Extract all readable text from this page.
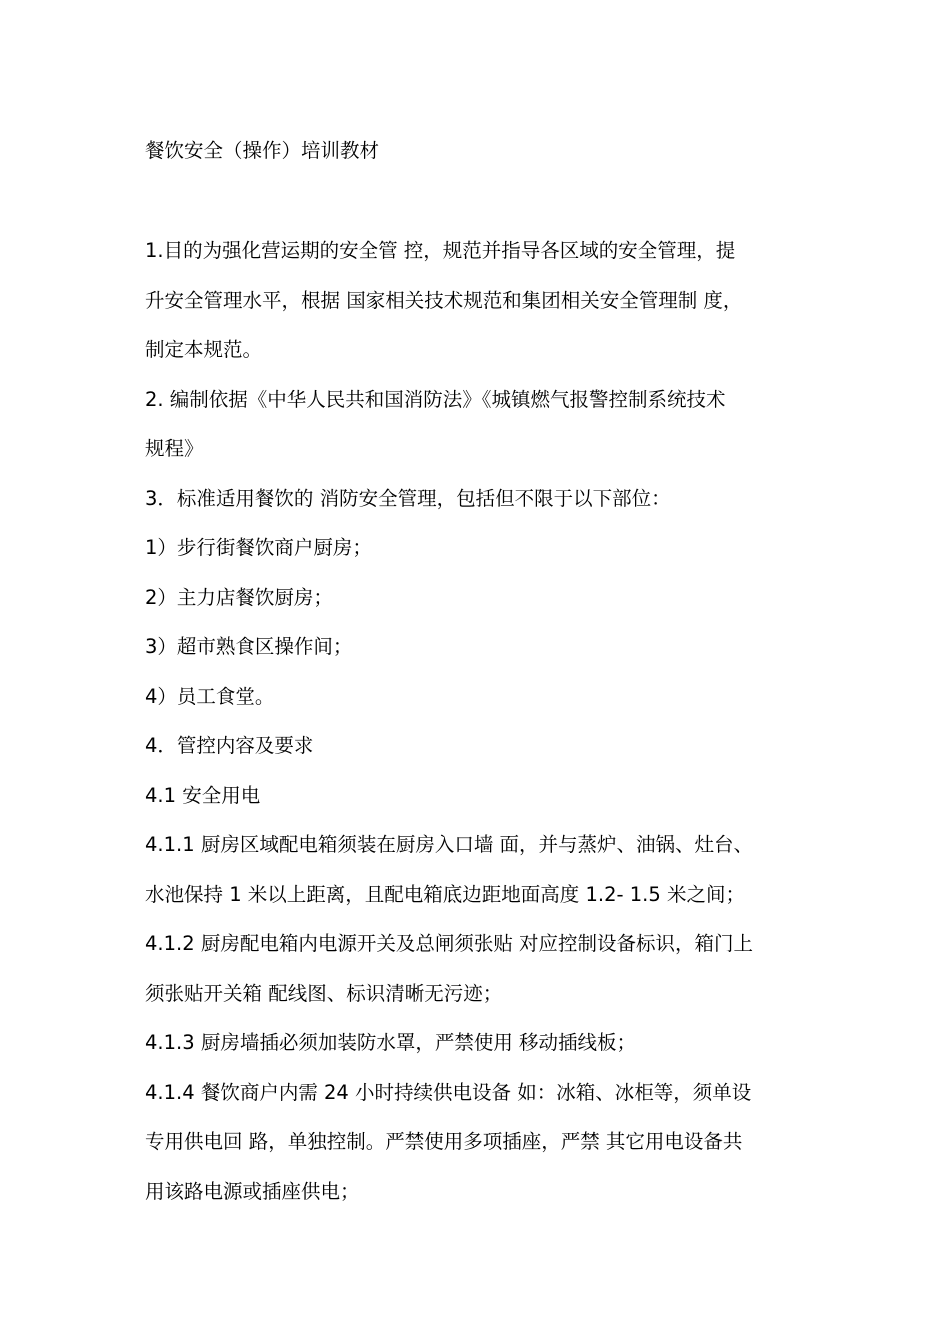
餐饮安全（操作）培训教材
1.目的为强化营运期的安全管 控，规范并指导各区域的安全管理，提
升安全管理水平，根据 国家相关技术规范和集团相关安全管理制 度，
制定本规范。
2. 编制依据《中华人民共和国消防法》《城镇燃气报警控制系统技术
规程》
3．标准适用餐饮的 消防安全管理，包括但不限于以下部位：
1）步行街餐饮商户厨房；
2）主力店餐饮厨房；
3）超市熟食区操作间；
4）员工食堂。
4．管控内容及要求
4.1 安全用电
4.1.1 厨房区域配电箱须装在厨房入口墙 面，并与蒸炉、油锅、灶台、
水池保持 1 米以上距离，且配电箱底边距地面高度 1.2- 1.5 米之间；
4.1.2 厨房配电箱内电源开关及总闸须张贴 对应控制设备标识，箱门上
须张贴开关箱 配线图、标识清晰无污迹；
4.1.3 厨房墙插必须加装防水罩，严禁使用 移动插线板；
4.1.4 餐饮商户内需 24 小时持续供电设备 如：冰箱、冰柜等，须单设
专用供电回 路，单独控制。严禁使用多项插座，严禁 其它用电设备共
用该路电源或插座供电；
